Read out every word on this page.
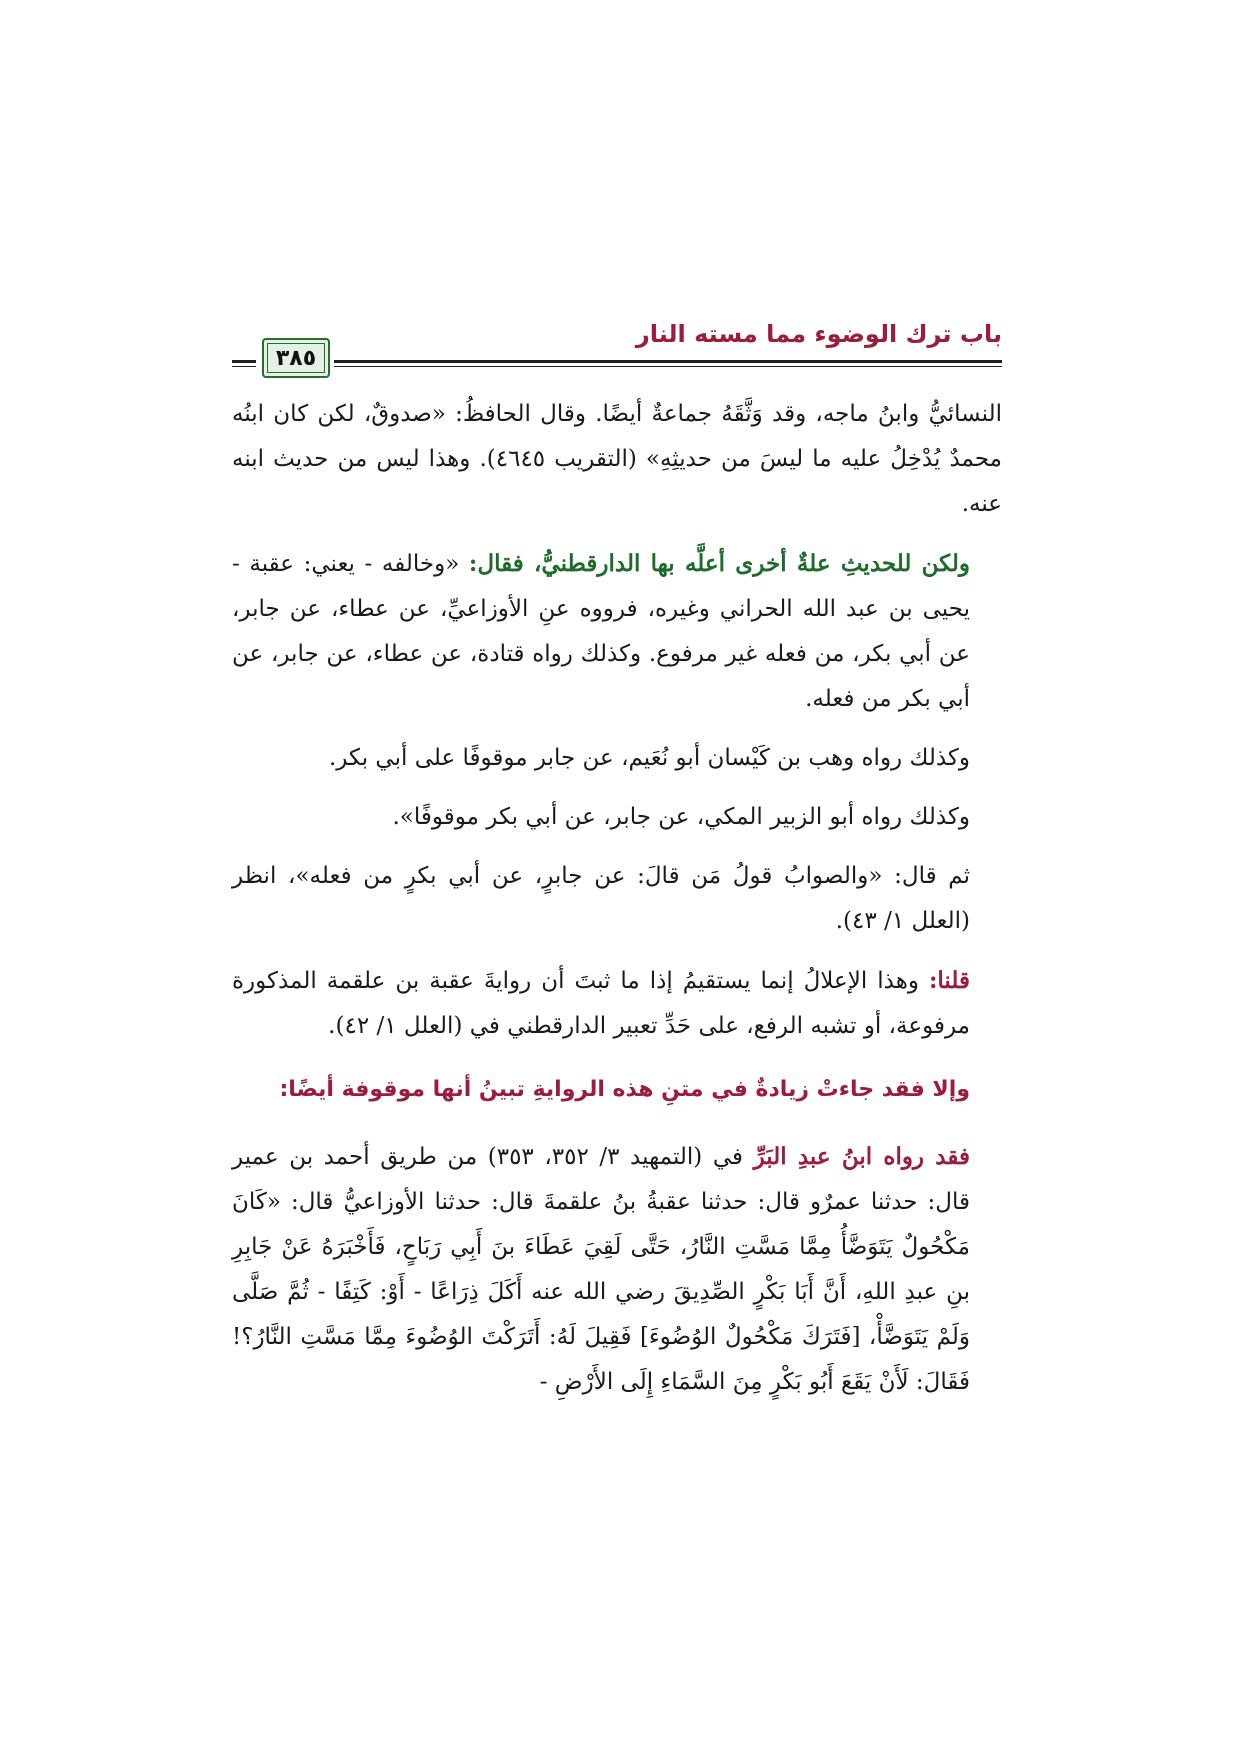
باب ترك الوضوء مما مسته النار
٣٨٥

النسائيُّ وابنُ ماجه، وقد وَثَّقَهُ جماعةٌ أيضًا. وقال الحافظُ: «صدوقٌ، لكن كان ابنُه محمدٌ يُدْخِلُ عليه ما ليسَ من حديثِهِ» (التقريب ٤٦٤٥). وهذا ليس من حديث ابنه عنه.

ولكن للحديثِ علةٌ أخرى أعلَّه بها الدارقطنيُّ، فقال: «وخالفه - يعني: عقبة - يحيى بن عبد الله الحراني وغيره، فرووه عنِ الأوزاعيِّ، عن عطاء، عن جابر، عن أبي بكر، من فعله غير مرفوع. وكذلك رواه قتادة، عن عطاء، عن جابر، عن أبي بكر من فعله.

وكذلك رواه وهب بن كَيْسان أبو نُعَيم، عن جابر موقوفًا على أبي بكر.

وكذلك رواه أبو الزبير المكي، عن جابر، عن أبي بكر موقوفًا».

ثم قال: «والصوابُ قولُ مَن قالَ: عن جابرٍ، عن أبي بكرٍ من فعله»، انظر (العلل ١/ ٤٣).

قلنا: وهذا الإعلالُ إنما يستقيمُ إذا ما ثبتَ أن روايةَ عقبة بن علقمة المذكورة مرفوعة، أو تشبه الرفع، على حَدِّ تعبير الدارقطني في (العلل ١/ ٤٢).

وإلا فقد جاءتْ زيادةٌ في متنِ هذه الروايةِ تبينُ أنها موقوفة أيضًا:

فقد رواه ابنُ عبدِ البَرِّ في (التمهيد ٣/ ٣٥٢، ٣٥٣) من طريق أحمد بن عمير قال: حدثنا عمرٌو قال: حدثنا عقبةُ بنُ علقمةَ قال: حدثنا الأوزاعيُّ قال: «كَانَ مَكْحُولٌ يَتَوَضَّأُ مِمَّا مَسَّتِ النَّارُ، حَتَّى لَقِيَ عَطَاءَ بنَ أَبِي رَبَاحٍ، فَأَخْبَرَهُ عَنْ جَابِرِ بنِ عبدِ اللهِ، أَنَّ أَبَا بَكْرٍ الصِّدِيقَ رضي الله عنه أَكَلَ ذِرَاعًا - أَوْ: كَتِفًا - ثُمَّ صَلَّى وَلَمْ يَتَوَضَّأْ، [فَتَرَكَ مَكْحُولٌ الوُضُوءَ] فَقِيلَ لَهُ: أَتَرَكْتَ الوُضُوءَ مِمَّا مَسَّتِ النَّارُ؟! فَقَالَ: لَأَنْ يَقَعَ أَبُو بَكْرٍ مِنَ السَّمَاءِ إِلَى الأَرْضِ -
